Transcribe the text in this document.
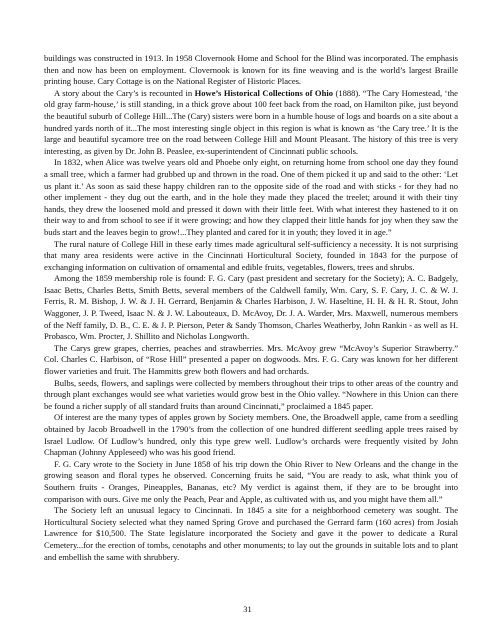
buildings was constructed in 1913. In 1958 Clovernook Home and School for the Blind was incorporated. The emphasis then and now has been on employment. Clovernook is known for its fine weaving and is the world’s largest Braille printing house. Cary Cottage is on the National Register of Historic Places.

A story about the Cary’s is recounted in Howe’s Historical Collections of Ohio (1888). “The Cary Homestead, ‘the old gray farm-house,’ is still standing, in a thick grove about 100 feet back from the road, on Hamilton pike, just beyond the beautiful suburb of College Hill...The (Cary) sisters were born in a humble house of logs and boards on a site about a hundred yards north of it...The most interesting single object in this region is what is known as ‘the Cary tree.’ It is the large and beautiful sycamore tree on the road between College Hill and Mount Pleasant. The history of this tree is very interesting, as given by Dr. John B. Peaslee, ex-superintendent of Cincinnati public schools.

In 1832, when Alice was twelve years old and Phoebe only eight, on returning home from school one day they found a small tree, which a farmer had grubbed up and thrown in the road. One of them picked it up and said to the other: ‘Let us plant it.’ As soon as said these happy children ran to the opposite side of the road and with sticks - for they had no other implement - they dug out the earth, and in the hole they made they placed the treelet; around it with their tiny hands, they drew the loosened mold and pressed it down with their little feet. With what interest they hastened to it on their way to and from school to see if it were growing; and how they clapped their little hands for joy when they saw the buds start and the leaves begin to grow!...They planted and cared for it in youth; they loved it in age.”

The rural nature of College Hill in these early times made agricultural self-sufficiency a necessity. It is not surprising that many area residents were active in the Cincinnati Horticultural Society, founded in 1843 for the purpose of exchanging information on cultivation of ornamental and edible fruits, vegetables, flowers, trees and shrubs.

Among the 1859 membership role is found: F. G. Cary (past president and secretary for the Society); A. C. Badgely, Isaac Betts, Charles Betts, Smith Betts, several members of the Caldwell family, Wm. Cary, S. F. Cary, J. C. & W. J. Ferris, R. M. Bishop, J. W. & J. H. Gerrard, Benjamin & Charles Harbison, J. W. Haseltine, H. H. & H. R. Stout, John Waggoner, J. P. Tweed, Isaac N. & J. W. Labouteaux, D. McAvoy, Dr. J. A. Warder, Mrs. Maxwell, numerous members of the Neff family, D. B., C. E. & J. P. Pierson, Peter & Sandy Thomson, Charles Weatherby, John Rankin - as well as H. Probasco, Wm. Procter, J. Shillito and Nicholas Longworth.

The Carys grew grapes, cherries, peaches and strawberries. Mrs. McAvoy grew “McAvoy’s Superior Strawberry.” Col. Charles C. Harbison, of “Rose Hill” presented a paper on dogwoods. Mrs. F. G. Cary was known for her different flower varieties and fruit. The Hammitts grew both flowers and had orchards.

Bulbs, seeds, flowers, and saplings were collected by members throughout their trips to other areas of the country and through plant exchanges would see what varieties would grow best in the Ohio valley. “Nowhere in this Union can there be found a richer supply of all standard fruits than around Cincinnati,” proclaimed a 1845 paper.

Of interest are the many types of apples grown by Society members. One, the Broadwell apple, came from a seedling obtained by Jacob Broadwell in the 1790’s from the collection of one hundred different seedling apple trees raised by Israel Ludlow. Of Ludlow’s hundred, only this type grew well. Ludlow’s orchards were frequently visited by John Chapman (Johnny Appleseed) who was his good friend.

F. G. Cary wrote to the Society in June 1858 of his trip down the Ohio River to New Orleans and the change in the growing season and floral types he observed. Concerning fruits he said, “You are ready to ask, what think you of Southern fruits - Oranges, Pineapples, Bananas, etc? My verdict is against them, if they are to be brought into comparison with ours. Give me only the Peach, Pear and Apple, as cultivated with us, and you might have them all.”

The Society left an unusual legacy to Cincinnati. In 1845 a site for a neighborhood cemetery was sought. The Horticultural Society selected what they named Spring Grove and purchased the Gerrard farm (160 acres) from Josiah Lawrence for $10,500. The State legislature incorporated the Society and gave it the power to dedicate a Rural Cemetery...for the erection of tombs, cenotaphs and other monuments; to lay out the grounds in suitable lots and to plant and embellish the same with shrubbery.

31
